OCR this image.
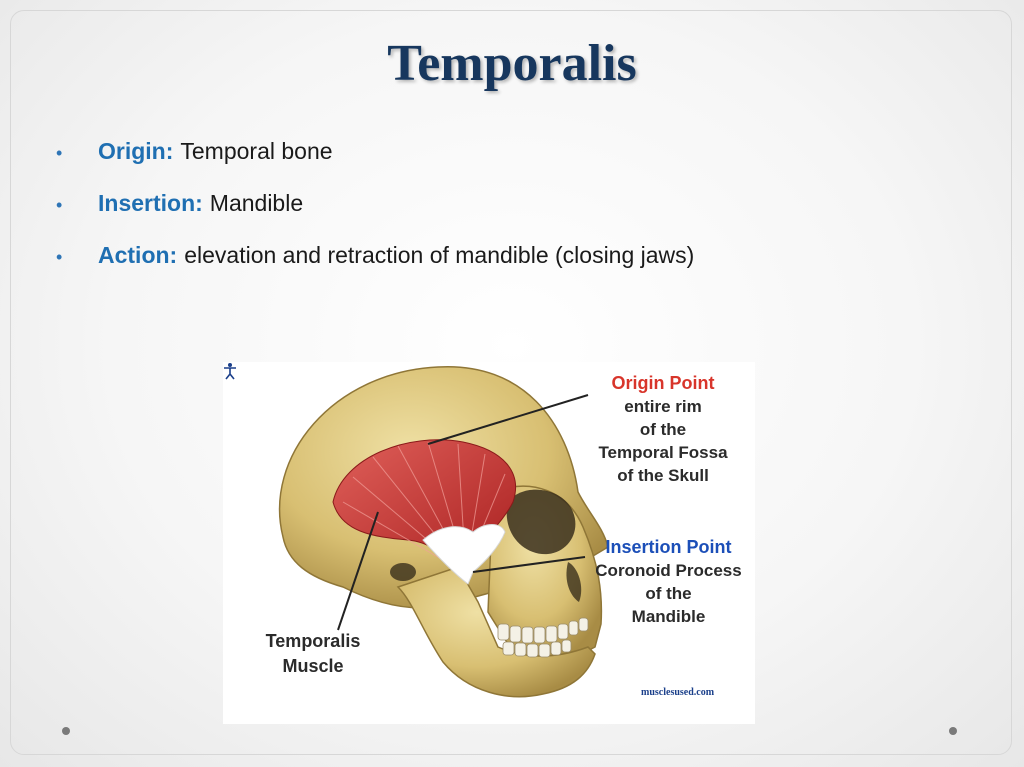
Temporalis
•	Origin: Temporal bone
•	Insertion: Mandible
•	Action: elevation and retraction of mandible (closing jaws)
Origin Point
entire rim
of the
Temporal Fossa
of the Skull
Insertion Point
Coronoid Process
of the
Mandible
Temporalis
Muscle
musclesused.com
